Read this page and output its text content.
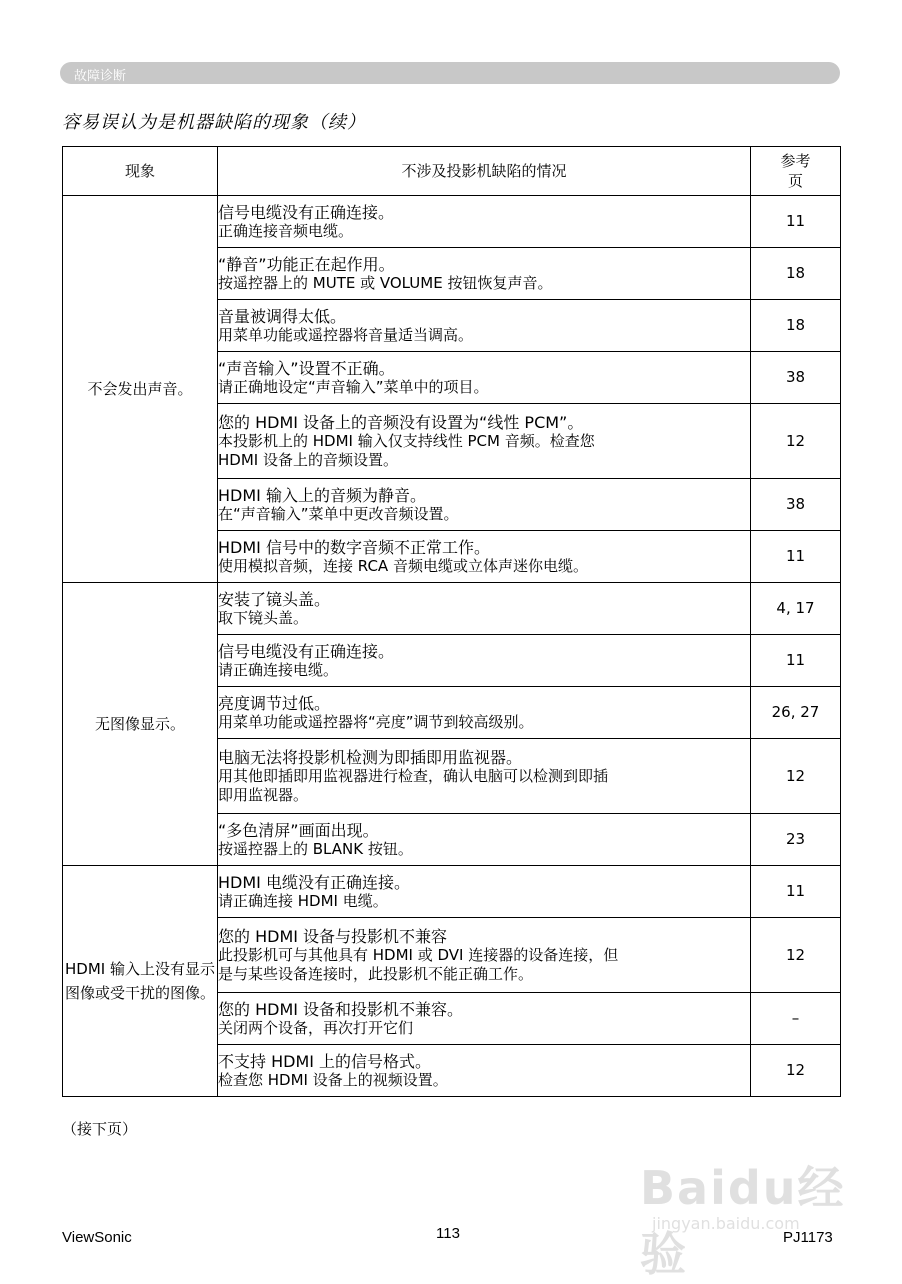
故障诊断
容易误认为是机器缺陷的现象（续）
现象	不涉及投影机缺陷的情况	参考
页
不会发出声音。	信号电缆没有正确连接。
正确连接音频电缆。	11

	“静音”功能正在起作用。
按遥控器上的 MUTE 或 VOLUME 按钮恢复声音。	18

	音量被调得太低。
用菜单功能或遥控器将音量适当调高。	18

	“声音输入”设置不正确。
请正确地设定“声音输入”菜单中的项目。	38

	您的 HDMI 设备上的音频没有设置为“线性 PCM”。
本投影机上的 HDMI 输入仅支持线性 PCM 音频。检查您
HDMI 设备上的音频设置。	12

	HDMI 输入上的音频为静音。
在“声音输入”菜单中更改音频设置。	38

	HDMI 信号中的数字音频不正常工作。
使用模拟音频，连接 RCA 音频电缆或立体声迷你电缆。	11
无图像显示。	安装了镜头盖。
取下镜头盖。	4, 17

	信号电缆没有正确连接。
请正确连接电缆。	11

	亮度调节过低。
用菜单功能或遥控器将“亮度”调节到较高级别。	26, 27

	电脑无法将投影机检测为即插即用监视器。
用其他即插即用监视器进行检查，确认电脑可以检测到即插
即用监视器。	12

	“多色清屏”画面出现。
按遥控器上的 BLANK 按钮。	23
HDMI 输入上没有显示图像或受干扰的图像。	HDMI 电缆没有正确连接。
请正确连接 HDMI 电缆。	11

	您的 HDMI 设备与投影机不兼容
此投影机可与其他具有 HDMI 或 DVI 连接器的设备连接，但
是与某些设备连接时，此投影机不能正确工作。	12

	您的 HDMI 设备和投影机不兼容。
关闭两个设备，再次打开它们	–

	不支持 HDMI 上的信号格式。
检查您 HDMI 设备上的视频设置。	12
（接下页）
Baidu经验
jingyan.baidu.com
ViewSonic	113	PJ1173
